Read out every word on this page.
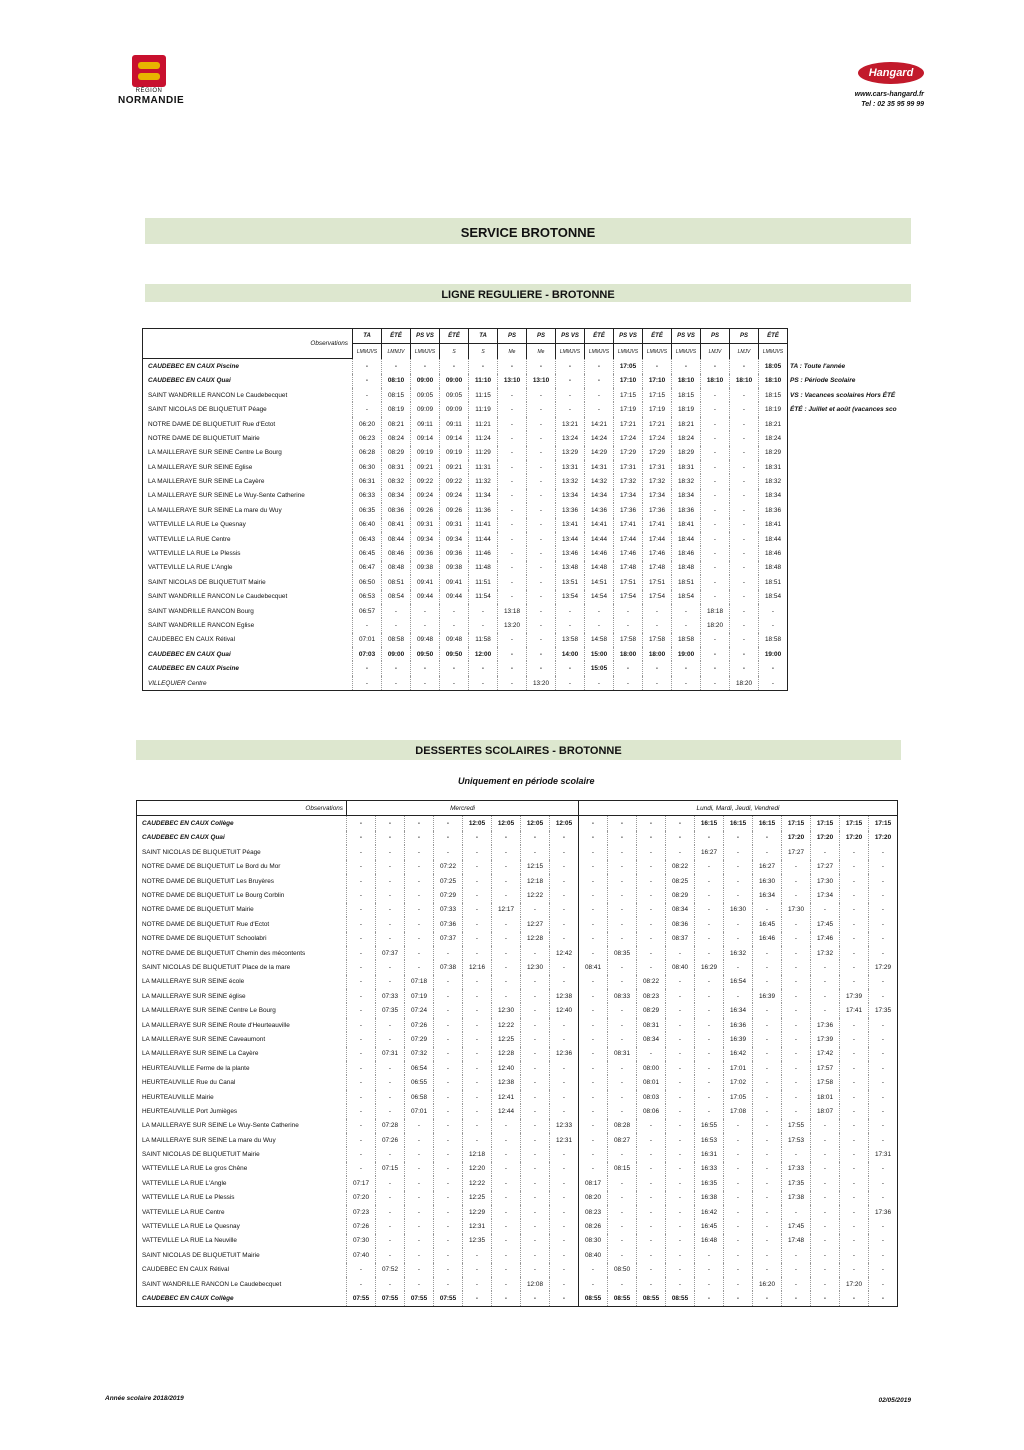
RÉGION
NORMANDIE
Hangard
www.cars-hangard.fr
Tel : 02 35 95 99 99
SERVICE BROTONNE
LIGNE REGULIERE - BROTONNE
Observations	TA	ÉTÉ	PS VS	ÉTÉ	TA	PS	PS	PS VS	ÉTÉ	PS VS	ÉTÉ	PS VS	PS	PS	ÉTÉ
	LMMJVS	LMMJV	LMMJVS	S	S	Me	Me	LMMJVS	LMMJVS	LMMJVS	LMMJVS	LMMJVS	LMJV	LMJV	LMMJVS
CAUDEBEC EN CAUX Piscine	-	-	-	-	-	-	-	-	-	17:05	-	-	-	-	18:05
CAUDEBEC EN CAUX Quai	-	08:10	09:00	09:00	11:10	13:10	13:10	-	-	17:10	17:10	18:10	18:10	18:10	18:10
SAINT WANDRILLE RANCON Le Caudebecquet	-	08:15	09:05	09:05	11:15	-	-	-	-	17:15	17:15	18:15	-	-	18:15
SAINT NICOLAS DE BLIQUETUIT Péage	-	08:19	09:09	09:09	11:19	-	-	-	-	17:19	17:19	18:19	-	-	18:19
NOTRE DAME DE BLIQUETUIT Rue d'Ectot	06:20	08:21	09:11	09:11	11:21	-	-	13:21	14:21	17:21	17:21	18:21	-	-	18:21
NOTRE DAME DE BLIQUETUIT Mairie	06:23	08:24	09:14	09:14	11:24	-	-	13:24	14:24	17:24	17:24	18:24	-	-	18:24
LA MAILLERAYE SUR SEINE Centre Le Bourg	06:28	08:29	09:19	09:19	11:29	-	-	13:29	14:29	17:29	17:29	18:29	-	-	18:29
LA MAILLERAYE SUR SEINE Eglise	06:30	08:31	09:21	09:21	11:31	-	-	13:31	14:31	17:31	17:31	18:31	-	-	18:31
LA MAILLERAYE SUR SEINE La Cayère	06:31	08:32	09:22	09:22	11:32	-	-	13:32	14:32	17:32	17:32	18:32	-	-	18:32
LA MAILLERAYE SUR SEINE Le Wuy-Sente Catherine	06:33	08:34	09:24	09:24	11:34	-	-	13:34	14:34	17:34	17:34	18:34	-	-	18:34
LA MAILLERAYE SUR SEINE La mare du Wuy	06:35	08:36	09:26	09:26	11:36	-	-	13:36	14:36	17:36	17:36	18:36	-	-	18:36
VATTEVILLE LA RUE Le Quesnay	06:40	08:41	09:31	09:31	11:41	-	-	13:41	14:41	17:41	17:41	18:41	-	-	18:41
VATTEVILLE LA RUE Centre	06:43	08:44	09:34	09:34	11:44	-	-	13:44	14:44	17:44	17:44	18:44	-	-	18:44
VATTEVILLE LA RUE Le Plessis	06:45	08:46	09:36	09:36	11:46	-	-	13:46	14:46	17:46	17:46	18:46	-	-	18:46
VATTEVILLE LA RUE L'Angle	06:47	08:48	09:38	09:38	11:48	-	-	13:48	14:48	17:48	17:48	18:48	-	-	18:48
SAINT NICOLAS DE BLIQUETUIT Mairie	06:50	08:51	09:41	09:41	11:51	-	-	13:51	14:51	17:51	17:51	18:51	-	-	18:51
SAINT WANDRILLE RANCON Le Caudebecquet	06:53	08:54	09:44	09:44	11:54	-	-	13:54	14:54	17:54	17:54	18:54	-	-	18:54
SAINT WANDRILLE RANCON Bourg	06:57	-	-	-	-	13:18	-	-	-	-	-	-	18:18	-	-
SAINT WANDRILLE RANCON Eglise	-	-	-	-	-	13:20	-	-	-	-	-	-	18:20	-	-
CAUDEBEC EN CAUX Rétival	07:01	08:58	09:48	09:48	11:58	-	-	13:58	14:58	17:58	17:58	18:58	-	-	18:58
CAUDEBEC EN CAUX Quai	07:03	09:00	09:50	09:50	12:00	-	-	14:00	15:00	18:00	18:00	19:00	-	-	19:00
CAUDEBEC EN CAUX Piscine	-	-	-	-	-	-	-	-	15:05	-	-	-	-	-	-
VILLEQUIER Centre	-	-	-	-	-	-	13:20	-	-	-	-	-	-	18:20	-
TA : Toute l'année
PS : Période Scolaire
VS : Vacances scolaires Hors ÉTÉ
ÉTÉ : Juillet et août (vacances sco
DESSERTES SCOLAIRES - BROTONNE
Uniquement en période scolaire
Observations	Mercredi								Lundi, Mardi, Jeudi, Vendredi										
CAUDEBEC EN CAUX Collège	-	-	-	-	12:05	12:05	12:05	12:05	-	-	-	-	16:15	16:15	16:15	17:15	17:15	17:15	17:15
CAUDEBEC EN CAUX Quai	-	-	-	-	-	-	-	-	-	-	-	-	-	-	-	17:20	17:20	17:20	17:20
SAINT NICOLAS DE BLIQUETUIT Péage	-	-	-	-	-	-	-	-	-	-	-	-	16:27	-	-	17:27	-	-	-
NOTRE DAME DE BLIQUETUIT Le Bord du Mor	-	-	-	07:22	-	-	12:15	-	-	-	-	08:22	-	-	16:27	-	17:27	-	-
NOTRE DAME DE BLIQUETUIT Les Bruyères	-	-	-	07:25	-	-	12:18	-	-	-	-	08:25	-	-	16:30	-	17:30	-	-
NOTRE DAME DE BLIQUETUIT Le Bourg Corblin	-	-	-	07:29	-	-	12:22	-	-	-	-	08:29	-	-	16:34	-	17:34	-	-
NOTRE DAME DE BLIQUETUIT Mairie	-	-	-	07:33	-	12:17	-	-	-	-	-	08:34	-	16:30	-	17:30	-	-	-
NOTRE DAME DE BLIQUETUIT Rue d'Ectot	-	-	-	07:36	-	-	12:27	-	-	-	-	08:36	-	-	16:45	-	17:45	-	-
NOTRE DAME DE BLIQUETUIT Schoolabri	-	-	-	07:37	-	-	12:28	-	-	-	-	08:37	-	-	16:46	-	17:46	-	-
NOTRE DAME DE BLIQUETUIT Chemin des mécontents	-	07:37	-	-	-	-	-	12:42	-	08:35	-	-	-	16:32	-	-	17:32	-	-
SAINT NICOLAS DE BLIQUETUIT Place de la mare	-	-	-	07:38	12:16	-	12:30	-	08:41	-	-	08:40	16:29	-	-	-	-	-	17:29
LA MAILLERAYE SUR SEINE école	-	-	07:18	-	-	-	-	-	-	-	08:22	-	-	16:54	-	-	-	-	-
LA MAILLERAYE SUR SEINE église	-	07:33	07:19	-	-	-	-	12:38	-	08:33	08:23	-	-	-	16:39	-	-	17:39	-
LA MAILLERAYE SUR SEINE Centre Le Bourg	-	07:35	07:24	-	-	12:30	-	12:40	-	-	08:29	-	-	16:34	-	-	-	17:41	17:35
LA MAILLERAYE SUR SEINE Route d'Heurteauville	-	-	07:26	-	-	12:22	-	-	-	-	08:31	-	-	16:36	-	-	17:36	-	-
LA MAILLERAYE SUR SEINE Caveaumont	-	-	07:29	-	-	12:25	-	-	-	-	08:34	-	-	16:39	-	-	17:39	-	-
LA MAILLERAYE SUR SEINE La Cayère	-	07:31	07:32	-	-	12:28	-	12:36	-	08:31	-	-	-	16:42	-	-	17:42	-	-
HEURTEAUVILLE Ferme de la plante	-	-	06:54	-	-	12:40	-	-	-	-	08:00	-	-	17:01	-	-	17:57	-	-
HEURTEAUVILLE Rue du Canal	-	-	06:55	-	-	12:38	-	-	-	-	08:01	-	-	17:02	-	-	17:58	-	-
HEURTEAUVILLE Mairie	-	-	06:58	-	-	12:41	-	-	-	-	08:03	-	-	17:05	-	-	18:01	-	-
HEURTEAUVILLE Port Jumièges	-	-	07:01	-	-	12:44	-	-	-	-	08:06	-	-	17:08	-	-	18:07	-	-
LA MAILLERAYE SUR SEINE Le Wuy-Sente Catherine	-	07:28	-	-	-	-	-	12:33	-	08:28	-	-	16:55	-	-	17:55	-	-	-
LA MAILLERAYE SUR SEINE La mare du Wuy	-	07:26	-	-	-	-	-	12:31	-	08:27	-	-	16:53	-	-	17:53	-	-	-
SAINT NICOLAS DE BLIQUETUIT Mairie	-	-	-	-	12:18	-	-	-	-	-	-	-	16:31	-	-	-	-	-	17:31
VATTEVILLE LA RUE Le gros Chêne	-	07:15	-	-	12:20	-	-	-	-	08:15	-	-	16:33	-	-	17:33	-	-	-
VATTEVILLE LA RUE L'Angle	07:17	-	-	-	12:22	-	-	-	08:17	-	-	-	16:35	-	-	17:35	-	-	-
VATTEVILLE LA RUE Le Plessis	07:20	-	-	-	12:25	-	-	-	08:20	-	-	-	16:38	-	-	17:38	-	-	-
VATTEVILLE LA RUE Centre	07:23	-	-	-	12:29	-	-	-	08:23	-	-	-	16:42	-	-	-	-	-	17:36
VATTEVILLE LA RUE Le Quesnay	07:26	-	-	-	12:31	-	-	-	08:26	-	-	-	16:45	-	-	17:45	-	-	-
VATTEVILLE LA RUE La Neuville	07:30	-	-	-	12:35	-	-	-	08:30	-	-	-	16:48	-	-	17:48	-	-	-
SAINT NICOLAS DE BLIQUETUIT Mairie	07:40	-	-	-	-	-	-	-	08:40	-	-	-	-	-	-	-	-	-	-
CAUDEBEC EN CAUX Rétival	-	07:52	-	-	-	-	-	-	-	08:50	-	-	-	-	-	-	-	-	-
SAINT WANDRILLE RANCON Le Caudebecquet	-	-	-	-	-	-	12:08	-	-	-	-	-	-	-	16:20	-	-	17:20	-
CAUDEBEC EN CAUX Collège	07:55	07:55	07:55	07:55	-	-	-	-	08:55	08:55	08:55	08:55	-	-	-	-	-	-	-
Année scolaire 2018/2019	02/05/2019
